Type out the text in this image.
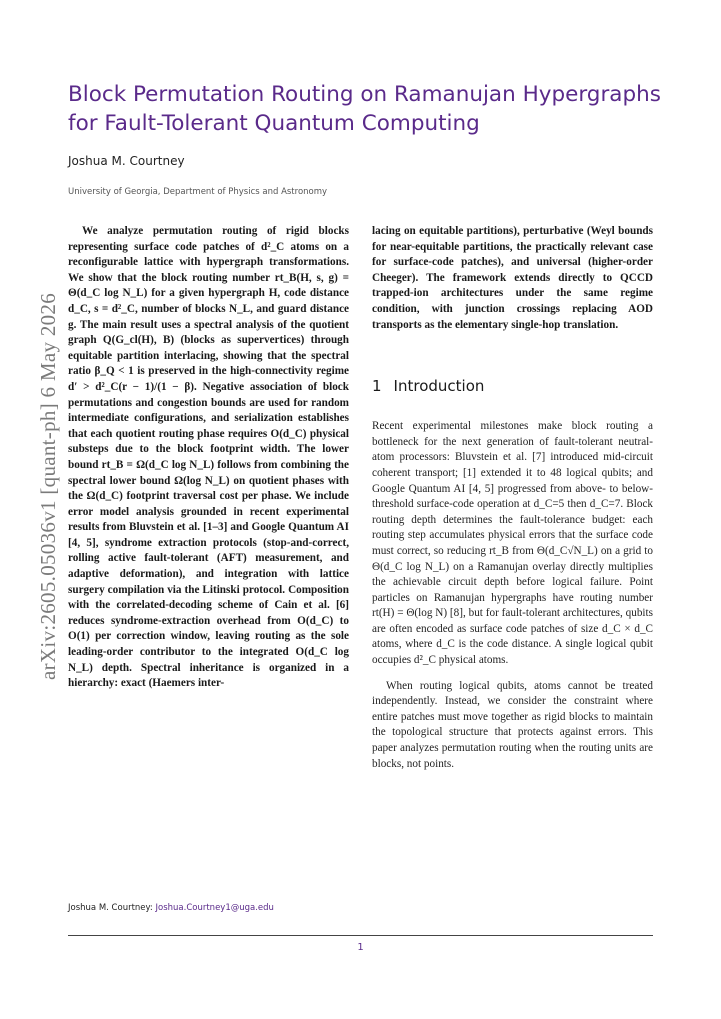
arXiv:2605.05036v1 [quant-ph] 6 May 2026
Block Permutation Routing on Ramanujan Hypergraphs for Fault-Tolerant Quantum Computing
Joshua M. Courtney
University of Georgia, Department of Physics and Astronomy

We analyze permutation routing of rigid blocks representing surface code patches of d²_C atoms on a reconfigurable lattice with hypergraph transformations. We show that the block routing number rt_B(H, s, g) = Θ(d_C log N_L) for a given hypergraph H, code distance d_C, s = d²_C, number of blocks N_L, and guard distance g. The main result uses a spectral analysis of the quotient graph Q(G_cl(H), B) (blocks as supervertices) through equitable partition interlacing, showing that the spectral ratio β_Q < 1 is preserved in the high-connectivity regime d′ > d²_C(r − 1)/(1 − β). Negative association of block permutations and congestion bounds are used for random intermediate configurations, and serialization establishes that each quotient routing phase requires O(d_C) physical substeps due to the block footprint width. The lower bound rt_B = Ω(d_C log N_L) follows from combining the spectral lower bound Ω(log N_L) on quotient phases with the Ω(d_C) footprint traversal cost per phase. We include error model analysis grounded in recent experimental results from Bluvstein et al. [1–3] and Google Quantum AI [4, 5], syndrome extraction protocols (stop-and-correct, rolling active fault-tolerant (AFT) measurement, and adaptive deformation), and integration with lattice surgery compilation via the Litinski protocol. Composition with the correlated-decoding scheme of Cain et al. [6] reduces syndrome-extraction overhead from O(d_C) to O(1) per correction window, leaving routing as the sole leading-order contributor to the integrated O(d_C log N_L) depth. Spectral inheritance is organized in a hierarchy: exact (Haemers inter-

lacing on equitable partitions), perturbative (Weyl bounds for near-equitable partitions, the practically relevant case for surface-code patches), and universal (higher-order Cheeger). The framework extends directly to QCCD trapped-ion architectures under the same regime condition, with junction crossings replacing AOD transports as the elementary single-hop translation.

1 Introduction

Recent experimental milestones make block routing a bottleneck for the next generation of fault-tolerant neutral-atom processors: Bluvstein et al. [7] introduced mid-circuit coherent transport; [1] extended it to 48 logical qubits; and Google Quantum AI [4, 5] progressed from above- to below-threshold surface-code operation at d_C=5 then d_C=7. Block routing depth determines the fault-tolerance budget: each routing step accumulates physical errors that the surface code must correct, so reducing rt_B from Θ(d_C√N_L) on a grid to Θ(d_C log N_L) on a Ramanujan overlay directly multiplies the achievable circuit depth before logical failure. Point particles on Ramanujan hypergraphs have routing number rt(H) = Θ(log N) [8], but for fault-tolerant architectures, qubits are often encoded as surface code patches of size d_C × d_C atoms, where d_C is the code distance. A single logical qubit occupies d²_C physical atoms.

When routing logical qubits, atoms cannot be treated independently. Instead, we consider the constraint where entire patches must move together as rigid blocks to maintain the topological structure that protects against errors. This paper analyzes permutation routing when the routing units are blocks, not points.

Joshua M. Courtney: Joshua.Courtney1@uga.edu
1
